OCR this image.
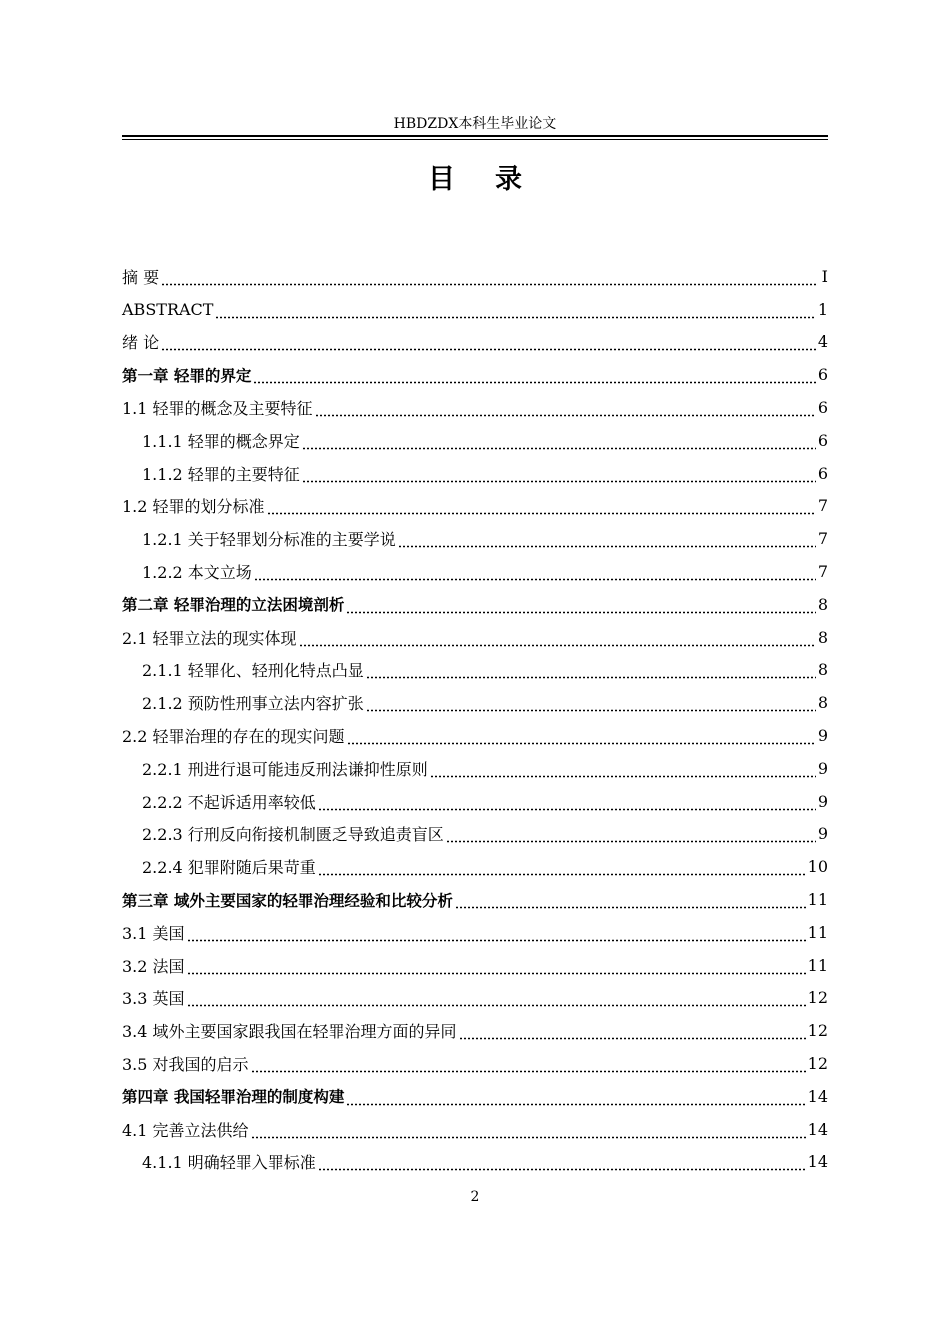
HBDZDX本科生毕业论文
目录
摘 要	I
ABSTRACT	1
绪 论	4
第一章 轻罪的界定	6
1.1 轻罪的概念及主要特征	6
1.1.1 轻罪的概念界定	6
1.1.2 轻罪的主要特征	6
1.2 轻罪的划分标准	7
1.2.1 关于轻罪划分标准的主要学说	7
1.2.2 本文立场	7
第二章 轻罪治理的立法困境剖析	8
2.1 轻罪立法的现实体现	8
2.1.1 轻罪化、轻刑化特点凸显	8
2.1.2 预防性刑事立法内容扩张	8
2.2 轻罪治理的存在的现实问题	9
2.2.1 刑进行退可能违反刑法谦抑性原则	9
2.2.2 不起诉适用率较低	9
2.2.3 行刑反向衔接机制匮乏导致追责盲区	9
2.2.4 犯罪附随后果苛重	10
第三章 域外主要国家的轻罪治理经验和比较分析	11
3.1 美国	11
3.2 法国	11
3.3 英国	12
3.4 域外主要国家跟我国在轻罪治理方面的异同	12
3.5 对我国的启示	12
第四章 我国轻罪治理的制度构建	14
4.1 完善立法供给	14
4.1.1 明确轻罪入罪标准	14
2
